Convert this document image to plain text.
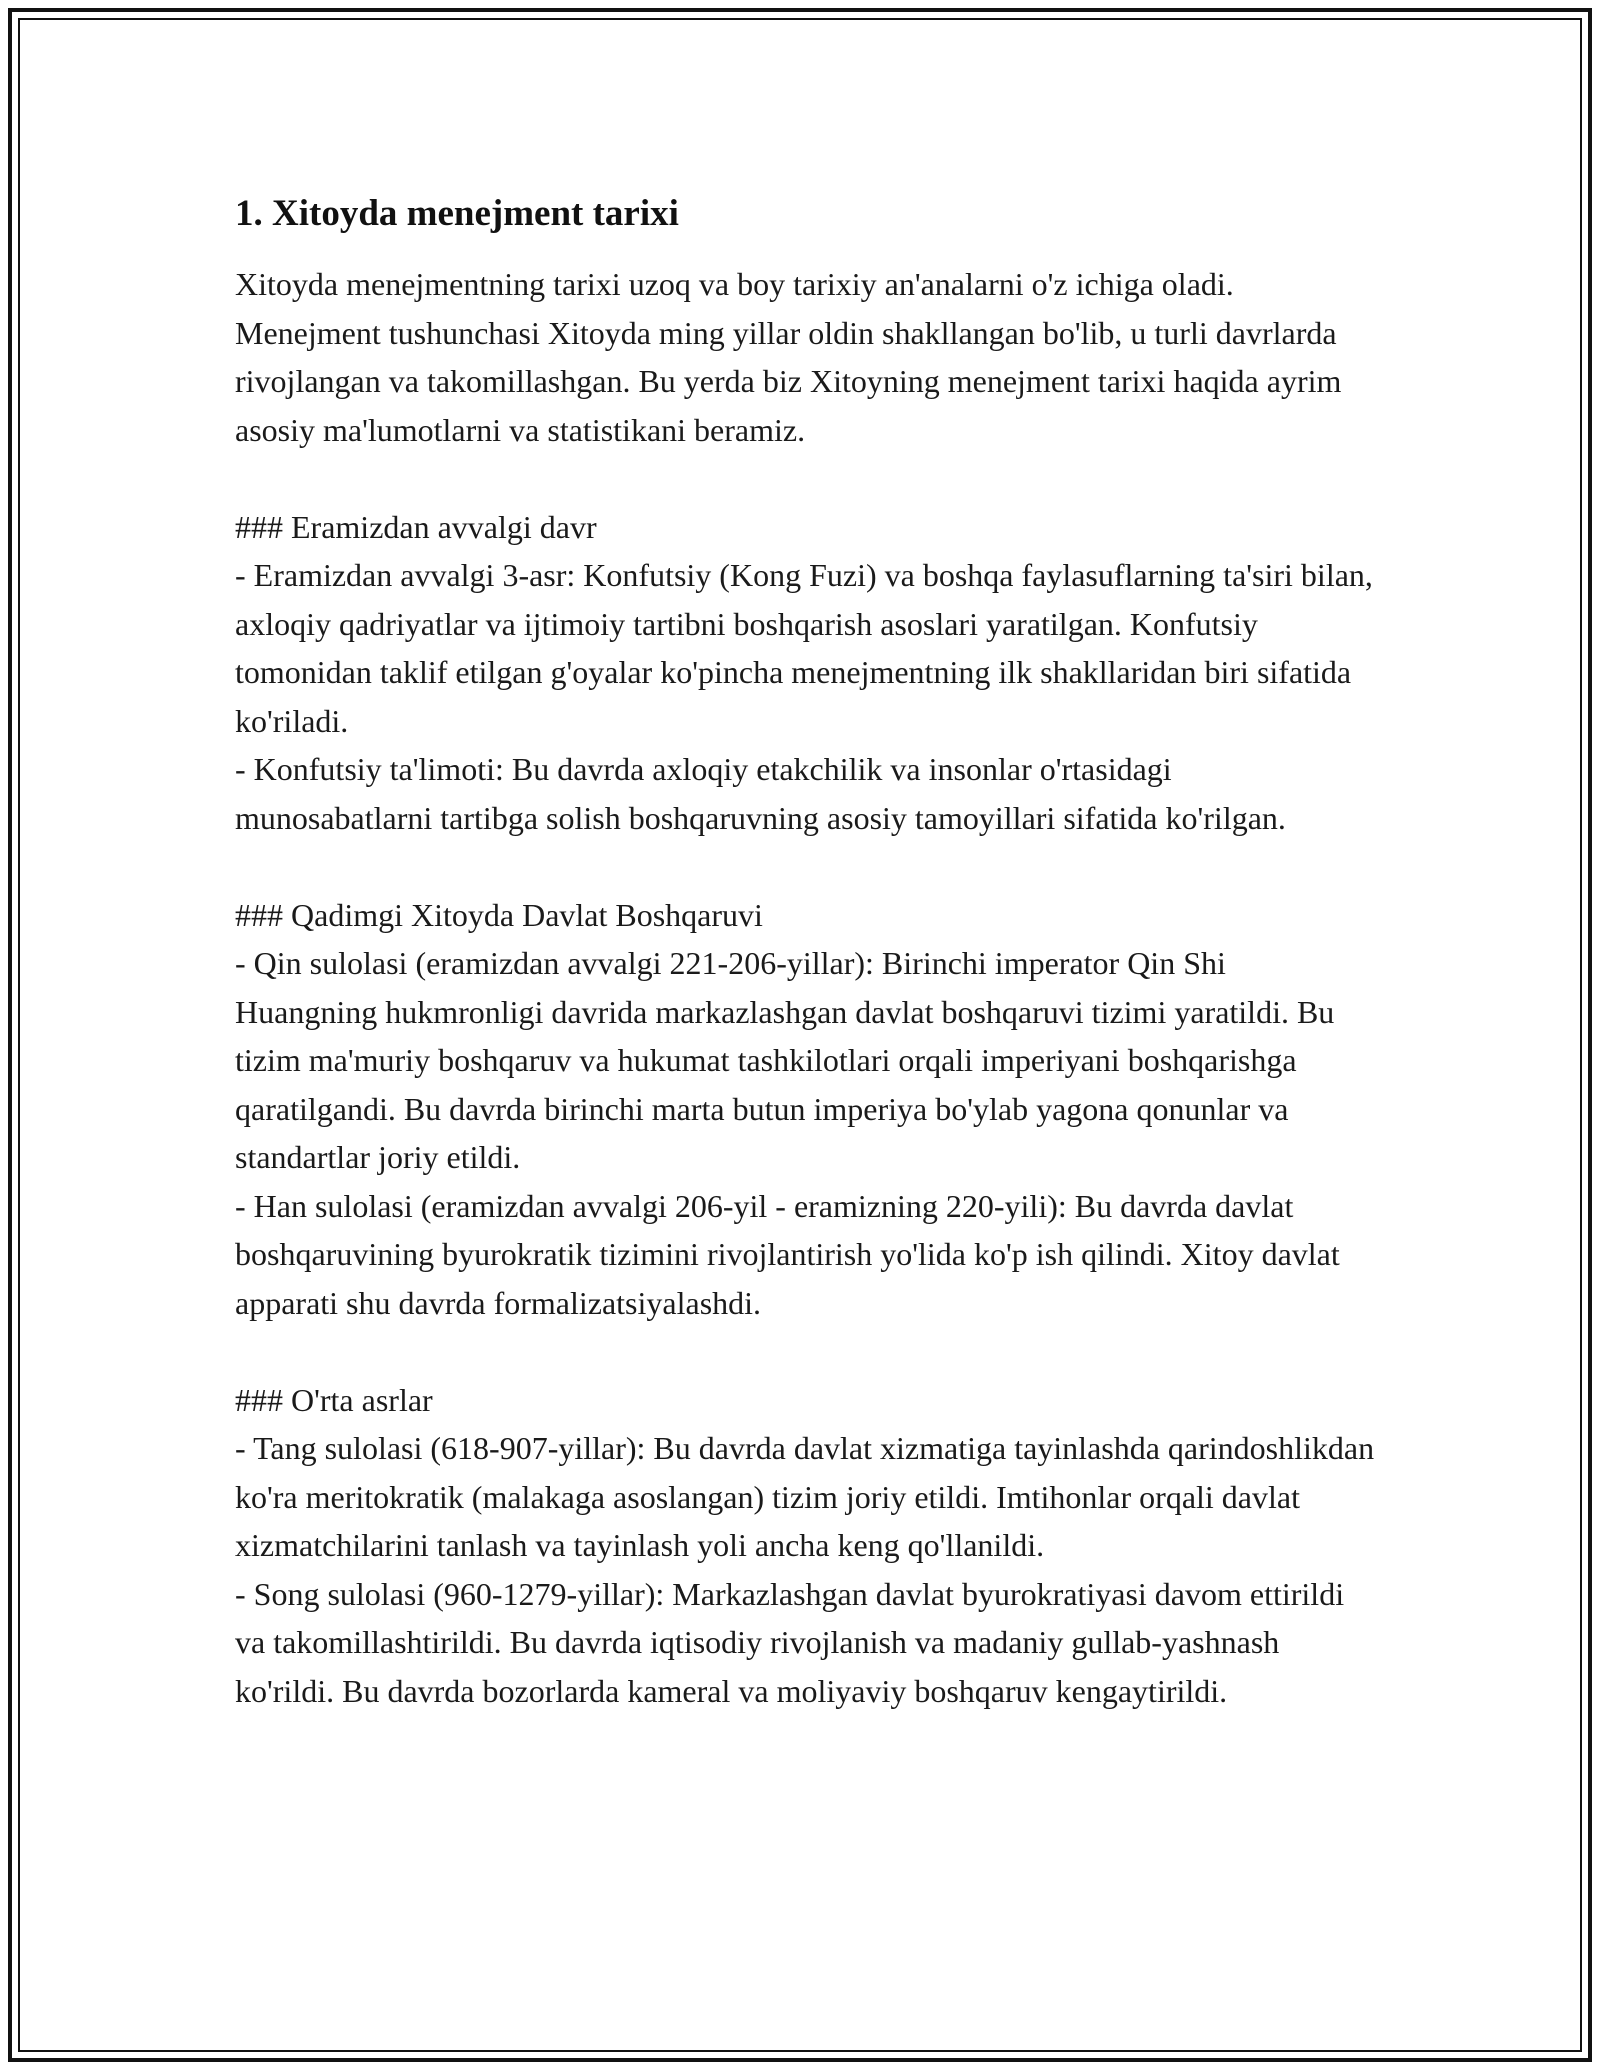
1. Xitoyda menejment tarixi

Xitoyda menejmentning tarixi uzoq va boy tarixiy an'analarni o'z ichiga oladi. Menejment tushunchasi Xitoyda ming yillar oldin shakllangan bo'lib, u turli davrlarda rivojlangan va takomillashgan. Bu yerda biz Xitoyning menejment tarixi haqida ayrim asosiy ma'lumotlarni va statistikani beramiz.

### Eramizdan avvalgi davr

- Eramizdan avvalgi 3-asr: Konfutsiy (Kong Fuzi) va boshqa faylasuflarning ta'siri bilan, axloqiy qadriyatlar va ijtimoiy tartibni boshqarish asoslari yaratilgan. Konfutsiy tomonidan taklif etilgan g'oyalar ko'pincha menejmentning ilk shakllaridan biri sifatida ko'riladi.

- Konfutsiy ta'limoti: Bu davrda axloqiy etakchilik va insonlar o'rtasidagi munosabatlarni tartibga solish boshqaruvning asosiy tamoyillari sifatida ko'rilgan.

### Qadimgi Xitoyda Davlat Boshqaruvi

- Qin sulolasi (eramizdan avvalgi 221-206-yillar): Birinchi imperator Qin Shi Huangning hukmronligi davrida markazlashgan davlat boshqaruvi tizimi yaratildi. Bu tizim ma'muriy boshqaruv va hukumat tashkilotlari orqali imperiyani boshqarishga qaratilgandi. Bu davrda birinchi marta butun imperiya bo'ylab yagona qonunlar va standartlar joriy etildi.

- Han sulolasi (eramizdan avvalgi 206-yil - eramizning 220-yili): Bu davrda davlat boshqaruvining byurokratik tizimini rivojlantirish yo'lida ko'p ish qilindi. Xitoy davlat apparati shu davrda formalizatsiyalashdi.

### O'rta asrlar

- Tang sulolasi (618-907-yillar): Bu davrda davlat xizmatiga tayinlashda qarindoshlikdan ko'ra meritokratik (malakaga asoslangan) tizim joriy etildi. Imtihonlar orqali davlat xizmatchilarini tanlash va tayinlash yoli ancha keng qo'llanildi.

- Song sulolasi (960-1279-yillar): Markazlashgan davlat byurokratiyasi davom ettirildi va takomillashtirildi. Bu davrda iqtisodiy rivojlanish va madaniy gullab-yashnash ko'rildi. Bu davrda bozorlarda kameral va moliyaviy boshqaruv kengaytirildi.
